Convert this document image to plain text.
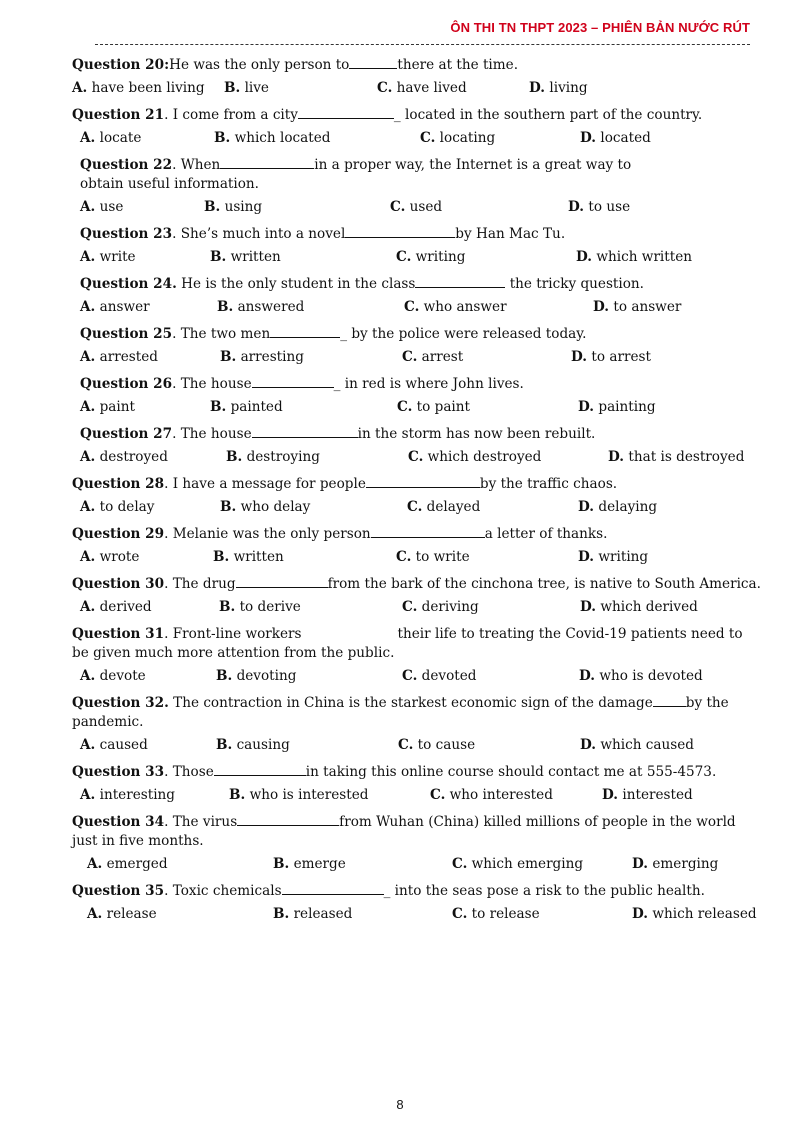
ÔN THI TN THPT 2023 – PHIÊN BẢN NƯỚC RÚT

Question 20:He was the only person to	there at the time.

A. have been living B. live	C. have lived	D. living

Question 21. I come from a city	_ located in the southern part of the country.

A. locate	B. which located	C. locating	D. located

Question 22. When	in a proper way, the Internet is a great way to obtain useful information.

A. use	B. using	C. used	D. to use

Question 23. She’s much into a novel	by Han Mac Tu.

A. write	B. written	C. writing	D. which written

Question 24. He is the only student in the class	the tricky question.

A. answer	B. answered	C. who answer	D. to answer

Question 25. The two men	_ by the police were released today.

A. arrested	B. arresting	C. arrest	D. to arrest

Question 26. The house	_ in red is where John lives.

A. paint	B. painted	C. to paint	D. painting

Question 27. The house	in the storm has now been rebuilt.

A. destroyed	B. destroying	C. which destroyed	D. that is destroyed

Question 28. I have a message for people	by the traffic chaos.

A. to delay	B. who delay	C. delayed	D. delaying

Question 29. Melanie was the only person	a letter of thanks.

A. wrote	B. written	C. to write	D. writing

Question 30. The drug	from the bark of the cinchona tree, is native to South America.

A. derived	B. to derive	C. deriving	D. which derived

Question 31. Front-line workers	their life to treating the Covid-19 patients need to be given much more attention from the public.

A. devote	B. devoting	C. devoted	D. who is devoted

Question 32. The contraction in China is the starkest economic sign of the damage by the pandemic.

A. caused	B. causing	C. to cause	D. which caused

Question 33. Those	in taking this online course should contact me at 555-4573.

A. interesting	B. who is interested	C. who interested	D. interested

Question 34. The virus	from Wuhan (China) killed millions of people in the world just in five months.

A. emerged	B. emerge	C. which emerging	D. emerging

Question 35. Toxic chemicals	_ into the seas pose a risk to the public health.

A. release	B. released	C. to release	D. which released
8
